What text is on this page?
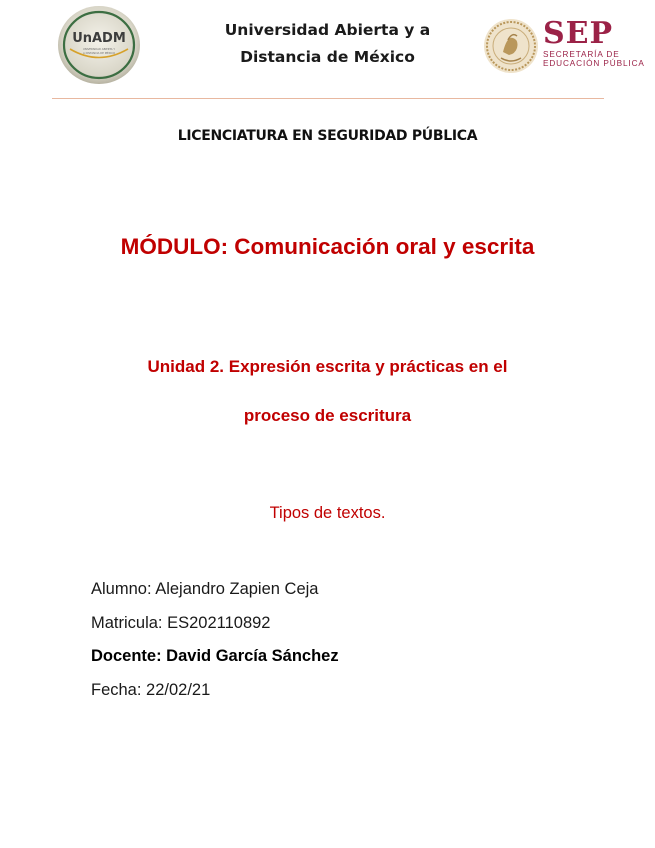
UnADM
UNIVERSIDAD ABIERTA Y
A DISTANCIA DE MÉXICO
Universidad Abierta y a
Distancia de México
SEP
SECRETARÍA DE
EDUCACIÓN PÚBLICA
LICENCIATURA EN SEGURIDAD PÚBLICA
MÓDULO: Comunicación oral y escrita
Unidad 2. Expresión escrita y prácticas en el
proceso de escritura
Tipos de textos.
Alumno: Alejandro Zapien Ceja
Matricula: ES202110892
Docente: David García Sánchez
Fecha: 22/02/21
